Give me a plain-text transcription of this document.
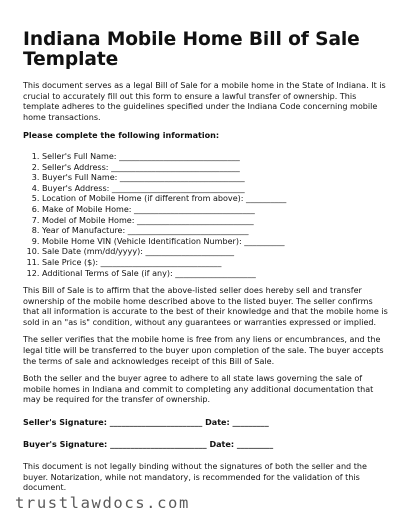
Indiana Mobile Home Bill of Sale Template

This document serves as a legal Bill of Sale for a mobile home in the State of Indiana. It is crucial to accurately fill out this form to ensure a lawful transfer of ownership. This template adheres to the guidelines specified under the Indiana Code concerning mobile home transactions.

Please complete the following information:

1. Seller's Full Name: ______________________________
2. Seller's Address: ________________________________
3. Buyer's Full Name: _______________________________
4. Buyer's Address: _________________________________
5. Location of Mobile Home (if different from above): __________
6. Make of Mobile Home: ______________________________
7. Model of Mobile Home: _____________________________
8. Year of Manufacture: ______________________________
9. Mobile Home VIN (Vehicle Identification Number): __________
10. Sale Date (mm/dd/yyyy): ______________________
11. Sale Price ($): ______________________________
12. Additional Terms of Sale (if any): ____________________

This Bill of Sale is to affirm that the above-listed seller does hereby sell and transfer ownership of the mobile home described above to the listed buyer. The seller confirms that all information is accurate to the best of their knowledge and that the mobile home is sold in an "as is" condition, without any guarantees or warranties expressed or implied.

The seller verifies that the mobile home is free from any liens or encumbrances, and the legal title will be transferred to the buyer upon completion of the sale. The buyer accepts the terms of sale and acknowledges receipt of this Bill of Sale.

Both the seller and the buyer agree to adhere to all state laws governing the sale of mobile homes in Indiana and commit to completing any additional documentation that may be required for the transfer of ownership.

Seller's Signature: _______________________ Date: _________

Buyer's Signature: ________________________ Date: _________

This document is not legally binding without the signatures of both the seller and the buyer. Notarization, while not mandatory, is recommended for the validation of this document.

trustlawdocs.com
